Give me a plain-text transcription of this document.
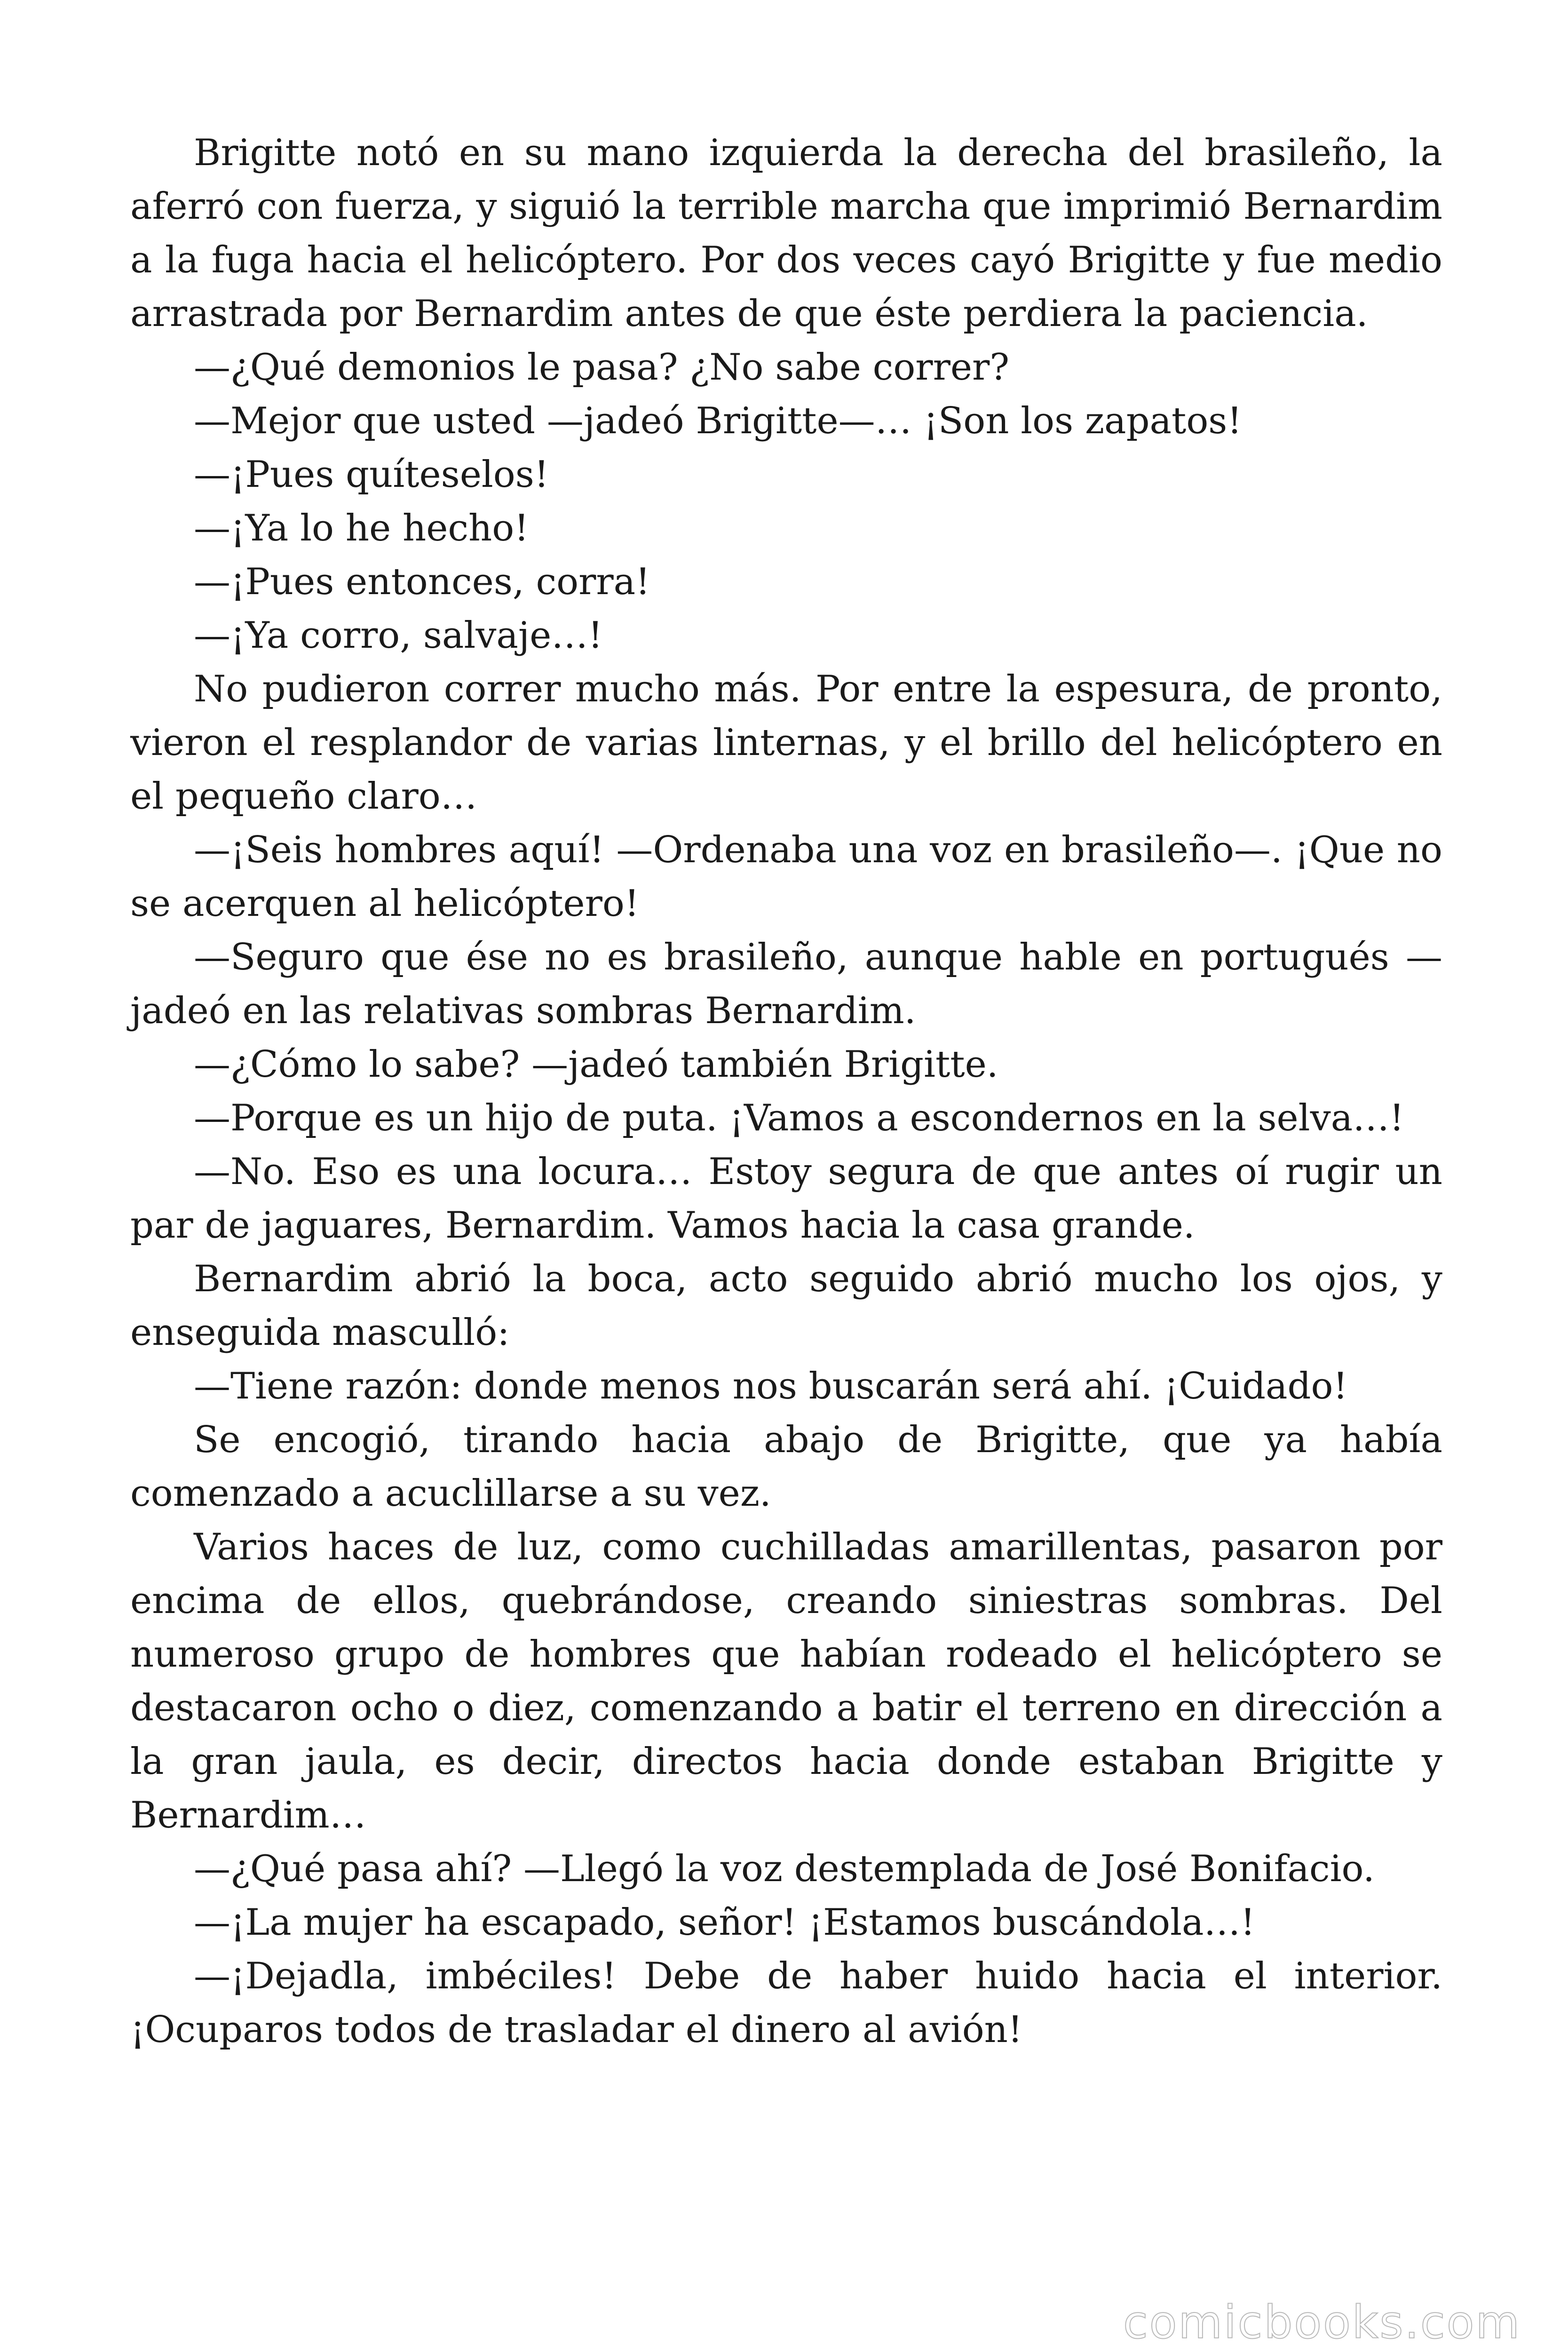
Brigitte notó en su mano izquierda la derecha del brasileño, la aferró con fuerza, y siguió la terrible marcha que imprimió Bernardim a la fuga hacia el helicóptero. Por dos veces cayó Brigitte y fue medio arrastrada por Bernardim antes de que éste perdiera la paciencia.

—¿Qué demonios le pasa? ¿No sabe correr?

—Mejor que usted —jadeó Brigitte—… ¡Son los zapatos!

—¡Pues quíteselos!

—¡Ya lo he hecho!

—¡Pues entonces, corra!

—¡Ya corro, salvaje…!

No pudieron correr mucho más. Por entre la espesura, de pronto, vieron el resplandor de varias linternas, y el brillo del helicóptero en el pequeño claro…

—¡Seis hombres aquí! —Ordenaba una voz en brasileño—. ¡Que no se acerquen al helicóptero!

—Seguro que ése no es brasileño, aunque hable en portugués —jadeó en las relativas sombras Bernardim.

—¿Cómo lo sabe? —jadeó también Brigitte.

—Porque es un hijo de puta. ¡Vamos a escondernos en la selva…!

—No. Eso es una locura… Estoy segura de que antes oí rugir un par de jaguares, Bernardim. Vamos hacia la casa grande.

Bernardim abrió la boca, acto seguido abrió mucho los ojos, y enseguida masculló:

—Tiene razón: donde menos nos buscarán será ahí. ¡Cuidado!

Se encogió, tirando hacia abajo de Brigitte, que ya había comenzado a acuclillarse a su vez.

Varios haces de luz, como cuchilladas amarillentas, pasaron por encima de ellos, quebrándose, creando siniestras sombras. Del numeroso grupo de hombres que habían rodeado el helicóptero se destacaron ocho o diez, comenzando a batir el terreno en dirección a la gran jaula, es decir, directos hacia donde estaban Brigitte y Bernardim…

—¿Qué pasa ahí? —Llegó la voz destemplada de José Bonifacio.

—¡La mujer ha escapado, señor! ¡Estamos buscándola…!

—¡Dejadla, imbéciles! Debe de haber huido hacia el interior. ¡Ocuparos todos de trasladar el dinero al avión!

comicbooks.com
